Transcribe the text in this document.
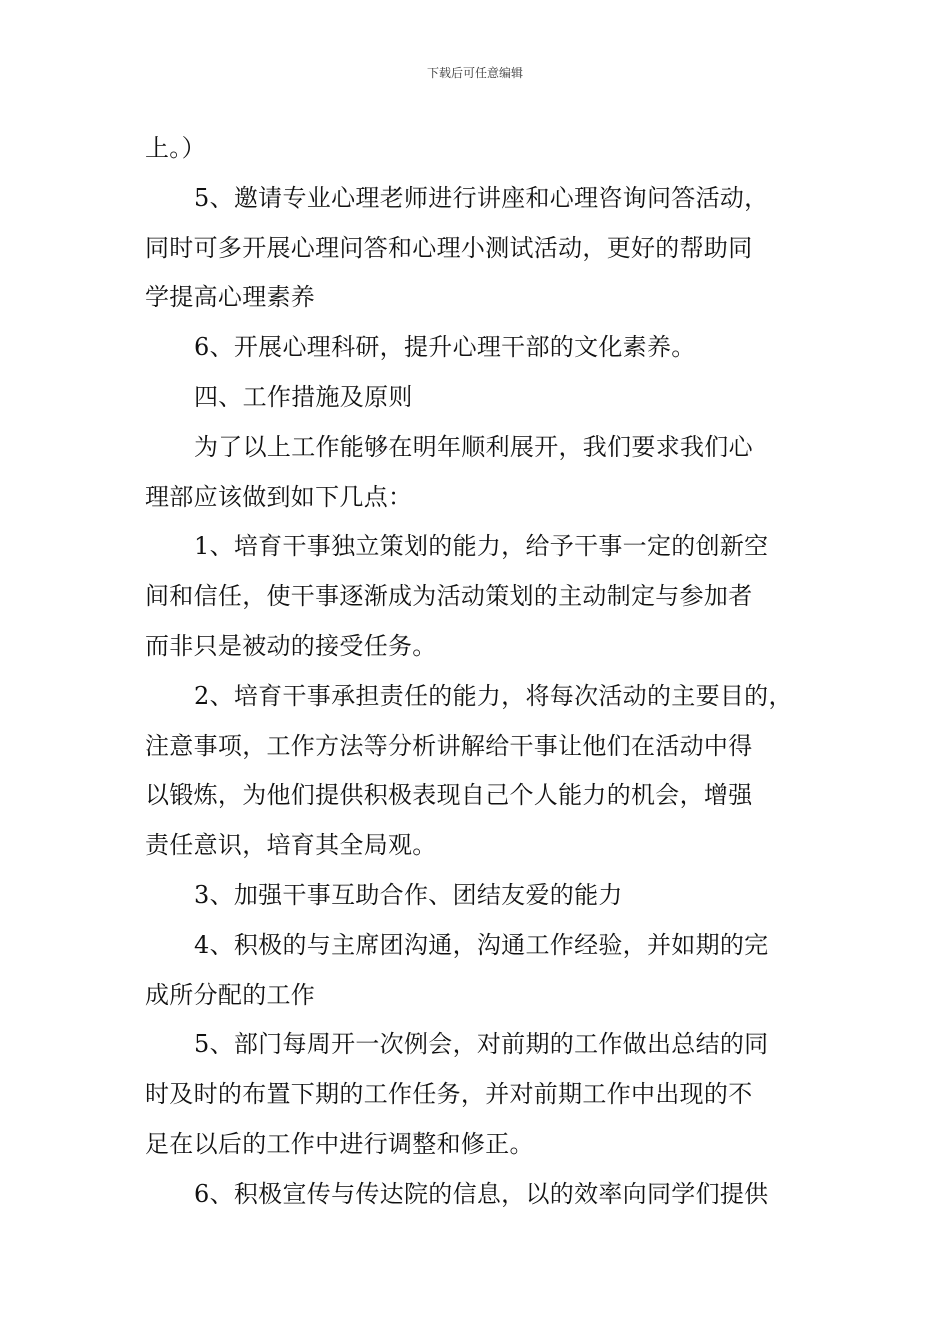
下载后可任意编辑
上。）
5、邀请专业心理老师进行讲座和心理咨询问答活动，
同时可多开展心理问答和心理小测试活动，更好的帮助同
学提高心理素养
6、开展心理科研，提升心理干部的文化素养。
四、工作措施及原则
为了以上工作能够在明年顺利展开，我们要求我们心
理部应该做到如下几点：
1、培育干事独立策划的能力，给予干事一定的创新空
间和信任，使干事逐渐成为活动策划的主动制定与参加者
而非只是被动的接受任务。
2、培育干事承担责任的能力，将每次活动的主要目的，
注意事项，工作方法等分析讲解给干事让他们在活动中得
以锻炼，为他们提供积极表现自己个人能力的机会，增强
责任意识，培育其全局观。
3、加强干事互助合作、团结友爱的能力
4、积极的与主席团沟通，沟通工作经验，并如期的完
成所分配的工作
5、部门每周开一次例会，对前期的工作做出总结的同
时及时的布置下期的工作任务，并对前期工作中出现的不
足在以后的工作中进行调整和修正。
6、积极宣传与传达院的信息，以的效率向同学们提供
